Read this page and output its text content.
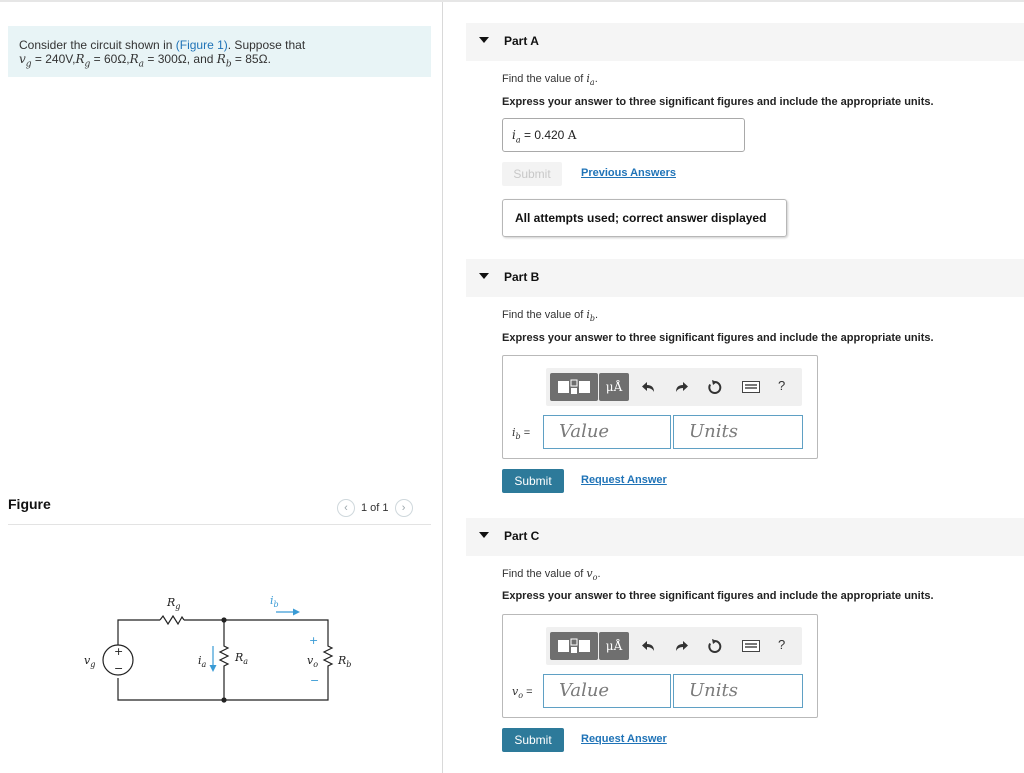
Consider the circuit shown in (Figure 1). Suppose that
$v_g = 240V,R_g = 60\Omega,R_a = 300\Omega$, and $R_b = 85\Omega$.
Figure	‹ 1 of 1 ›
+
−
$R_g$	$i_b$
$v_g$	$i_a$
$R_a$	$v_o$ $R_b$
+
−
Part A
Find the value of $i_a$.
Express your answer to three significant figures and include the appropriate units.
$i_a = 0.420$ A
Submit	Previous Answers
All attempts used; correct answer displayed
Part B
Find the value of $i_b$.
Express your answer to three significant figures and include the appropriate units.
μÅ	?
$i_b$ =	Value	Units
Submit	Request Answer
Part C
Find the value of $v_o$.
Express your answer to three significant figures and include the appropriate units.
μÅ	?
$v_o$ =	Value	Units
Submit	Request Answer
